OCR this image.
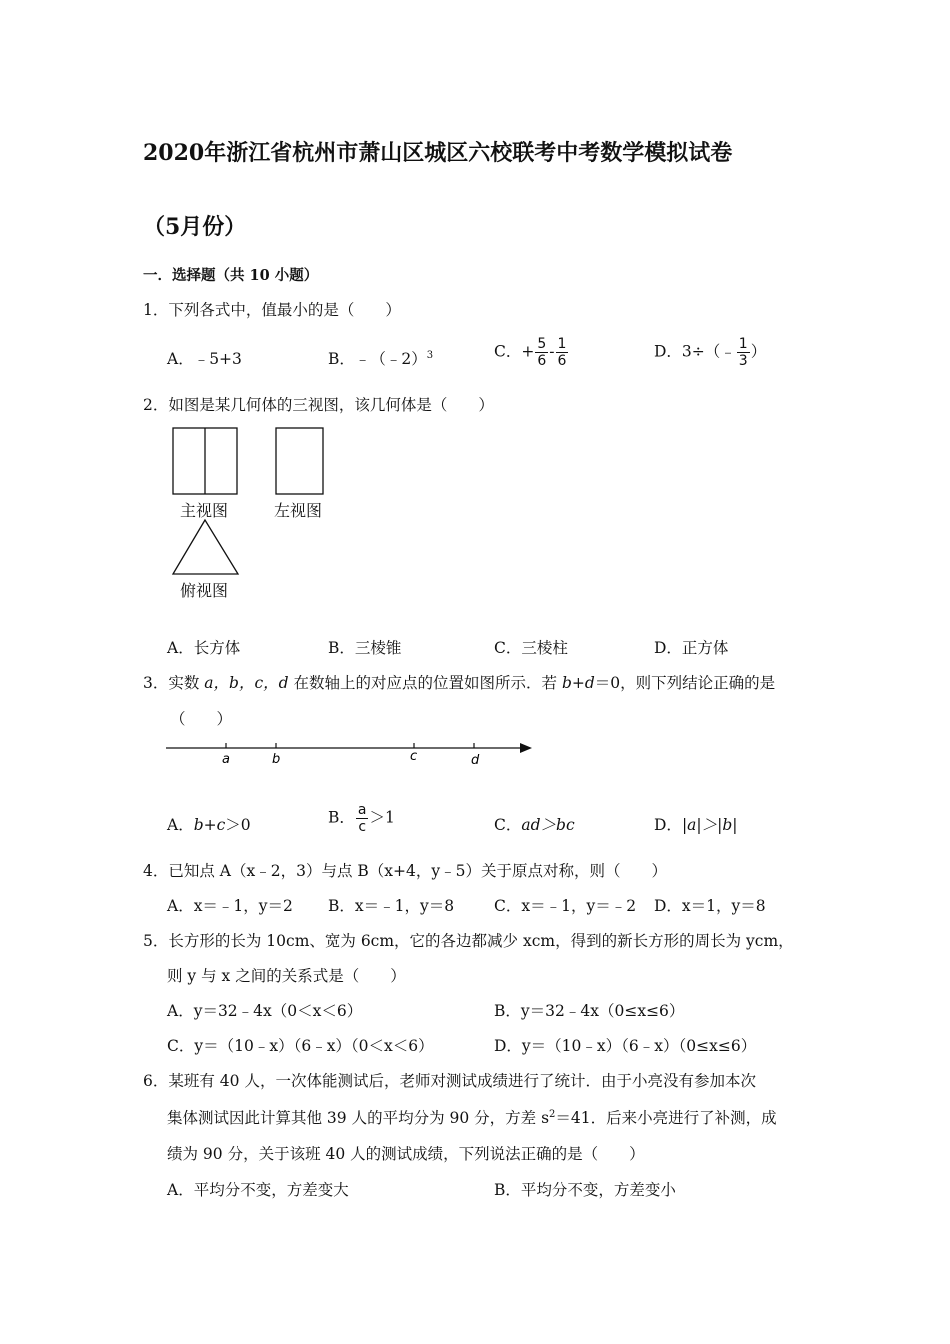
2020年浙江省杭州市萧山区城区六校联考中考数学模拟试卷
（5月份）
一．选择题（共 10 小题）
1．下列各式中，值最小的是（　　）
A．﹣5+3	B．﹣（﹣2）$^3$	C．+ $\frac{5}{6} - \frac{1}{6}$	D．3÷（﹣ $\frac{1}{3}$ ）
2．如图是某几何体的三视图，该几何体是（　　）
主视图	左视图
俯视图
A．长方体	B．三棱锥	C．三棱柱	D．正方体
3．实数 a，b，c，d 在数轴上的对应点的位置如图所示．若 b+d＝0，则下列结论正确的是
（　　）
a	b	c	d
A．b+c＞0	B． $\frac{a}{c} >1$	C．ad＞bc	D．|a|＞|b|
4．已知点 A（x﹣2，3）与点 B（x+4，y﹣5）关于原点对称，则（　　）
A．x＝﹣1，y＝2 B．x＝﹣1，y＝8	C．x＝﹣1，y＝﹣2 D．x＝1，y＝8
5．长方形的长为 10cm、宽为 6cm，它的各边都减少 xcm，得到的新长方形的周长为 ycm，
则 y 与 x 之间的关系式是（　　）
A．y＝32﹣4x（0＜x＜6）	B．y＝32﹣4x（0≤x≤6）
C．y＝（10﹣x）（6﹣x）（0＜x＜6）	D．y＝（10﹣x）（6﹣x）（0≤x≤6）
6．某班有 40 人，一次体能测试后，老师对测试成绩进行了统计．由于小亮没有参加本次
集体测试因此计算其他 39 人的平均分为 90 分，方差 $s^2=41$．后来小亮进行了补测，成
绩为 90 分，关于该班 40 人的测试成绩，下列说法正确的是（　　）
A．平均分不变，方差变大	B．平均分不变，方差变小
